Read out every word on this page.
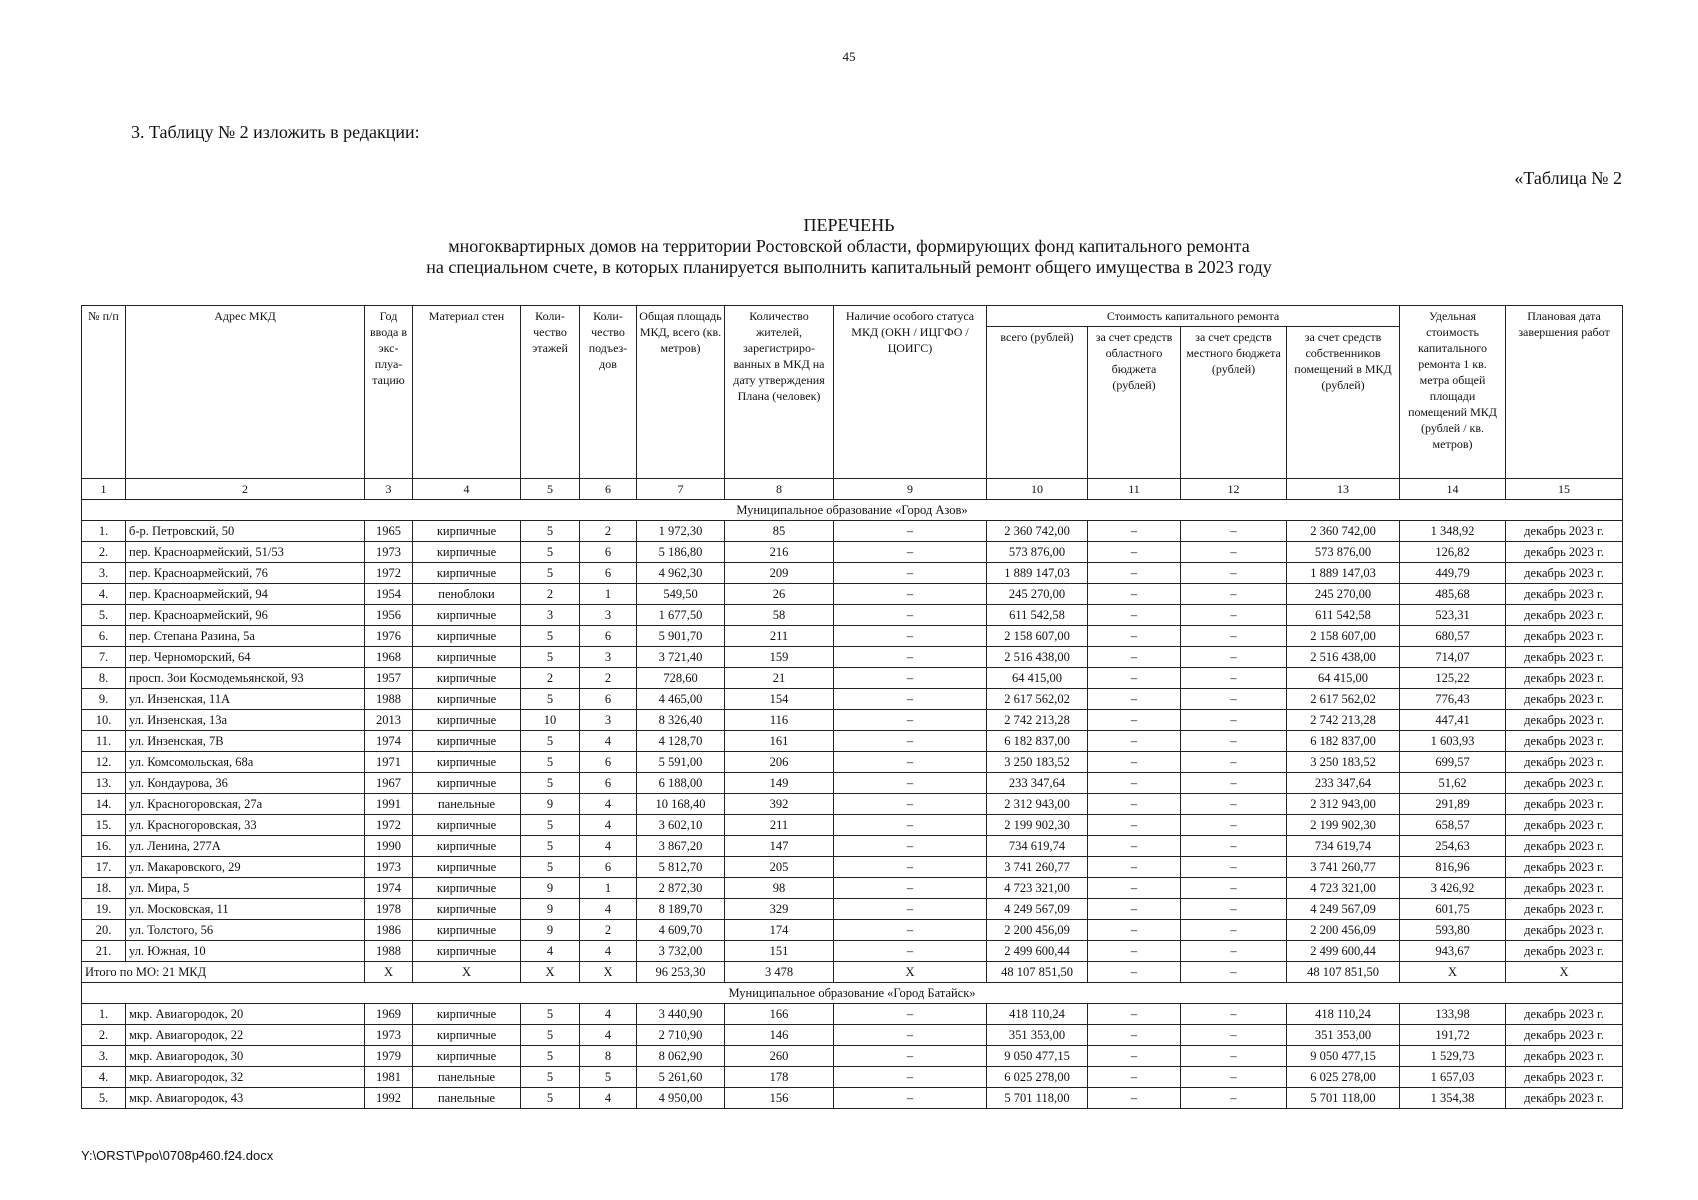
45
3. Таблицу № 2 изложить в редакции:
«Таблица № 2
ПЕРЕЧЕНЬ
многоквартирных домов на территории Ростовской области, формирующих фонд капитального ремонта
на специальном счете, в которых планируется выполнить капитальный ремонт общего имущества в 2023 году
№ п/п	Адрес МКД	Год ввода в эксплуатацию	Материал стен	Количество этажей	Количество подъездов	Общая площадь МКД, всего (кв. метров)	Количество жителей, зарегистрированных в МКД на дату утверждения Плана (человек)	Наличие особого статуса МКД (ОКН / ИЦГФО / ЦОИГС)	Стоимость капитального ремонта				Удельная стоимость капитального ремонта 1 кв. метра общей площади помещений МКД (рублей / кв. метров)	Плановая дата завершения работ
									всего (рублей)	за счет средств областного бюджета (рублей)	за счет средств местного бюджета (рублей)	за счет средств собственников помещений в МКД (рублей)		
1	2	3	4	5	6	7	8	9	10	11	12	13	14	15
Муниципальное образование «Город Азов»														
1.	б-р. Петровский, 50	1965	кирпичные	5	2	1 972,30	85	–	2 360 742,00	–	–	2 360 742,00	1 348,92	декабрь 2023 г.
2.	пер. Красноармейский, 51/53	1973	кирпичные	5	6	5 186,80	216	–	573 876,00	–	–	573 876,00	126,82	декабрь 2023 г.
3.	пер. Красноармейский, 76	1972	кирпичные	5	6	4 962,30	209	–	1 889 147,03	–	–	1 889 147,03	449,79	декабрь 2023 г.
4.	пер. Красноармейский, 94	1954	пеноблоки	2	1	549,50	26	–	245 270,00	–	–	245 270,00	485,68	декабрь 2023 г.
5.	пер. Красноармейский, 96	1956	кирпичные	3	3	1 677,50	58	–	611 542,58	–	–	611 542,58	523,31	декабрь 2023 г.
6.	пер. Степана Разина, 5а	1976	кирпичные	5	6	5 901,70	211	–	2 158 607,00	–	–	2 158 607,00	680,57	декабрь 2023 г.
7.	пер. Черноморский, 64	1968	кирпичные	5	3	3 721,40	159	–	2 516 438,00	–	–	2 516 438,00	714,07	декабрь 2023 г.
8.	просп. Зои Космодемьянской, 93	1957	кирпичные	2	2	728,60	21	–	64 415,00	–	–	64 415,00	125,22	декабрь 2023 г.
9.	ул. Инзенская, 11А	1988	кирпичные	5	6	4 465,00	154	–	2 617 562,02	–	–	2 617 562,02	776,43	декабрь 2023 г.
10.	ул. Инзенская, 13а	2013	кирпичные	10	3	8 326,40	116	–	2 742 213,28	–	–	2 742 213,28	447,41	декабрь 2023 г.
11.	ул. Инзенская, 7В	1974	кирпичные	5	4	4 128,70	161	–	6 182 837,00	–	–	6 182 837,00	1 603,93	декабрь 2023 г.
12.	ул. Комсомольская, 68а	1971	кирпичные	5	6	5 591,00	206	–	3 250 183,52	–	–	3 250 183,52	699,57	декабрь 2023 г.
13.	ул. Кондаурова, 36	1967	кирпичные	5	6	6 188,00	149	–	233 347,64	–	–	233 347,64	51,62	декабрь 2023 г.
14.	ул. Красногоровская, 27а	1991	панельные	9	4	10 168,40	392	–	2 312 943,00	–	–	2 312 943,00	291,89	декабрь 2023 г.
15.	ул. Красногоровская, 33	1972	кирпичные	5	4	3 602,10	211	–	2 199 902,30	–	–	2 199 902,30	658,57	декабрь 2023 г.
16.	ул. Ленина, 277А	1990	кирпичные	5	4	3 867,20	147	–	734 619,74	–	–	734 619,74	254,63	декабрь 2023 г.
17.	ул. Макаровского, 29	1973	кирпичные	5	6	5 812,70	205	–	3 741 260,77	–	–	3 741 260,77	816,96	декабрь 2023 г.
18.	ул. Мира, 5	1974	кирпичные	9	1	2 872,30	98	–	4 723 321,00	–	–	4 723 321,00	3 426,92	декабрь 2023 г.
19.	ул. Московская, 11	1978	кирпичные	9	4	8 189,70	329	–	4 249 567,09	–	–	4 249 567,09	601,75	декабрь 2023 г.
20.	ул. Толстого, 56	1986	кирпичные	9	2	4 609,70	174	–	2 200 456,09	–	–	2 200 456,09	593,80	декабрь 2023 г.
21.	ул. Южная, 10	1988	кирпичные	4	4	3 732,00	151	–	2 499 600,44	–	–	2 499 600,44	943,67	декабрь 2023 г.
Итого по МО: 21 МКД		X	X	X	X	96 253,30	3 478	X	48 107 851,50	–	–	48 107 851,50	X	X
Муниципальное образование «Город Батайск»														
1.	мкр. Авиагородок, 20	1969	кирпичные	5	4	3 440,90	166	–	418 110,24	–	–	418 110,24	133,98	декабрь 2023 г.
2.	мкр. Авиагородок, 22	1973	кирпичные	5	4	2 710,90	146	–	351 353,00	–	–	351 353,00	191,72	декабрь 2023 г.
3.	мкр. Авиагородок, 30	1979	кирпичные	5	8	8 062,90	260	–	9 050 477,15	–	–	9 050 477,15	1 529,73	декабрь 2023 г.
4.	мкр. Авиагородок, 32	1981	панельные	5	5	5 261,60	178	–	6 025 278,00	–	–	6 025 278,00	1 657,03	декабрь 2023 г.
5.	мкр. Авиагородок, 43	1992	панельные	5	4	4 950,00	156	–	5 701 118,00	–	–	5 701 118,00	1 354,38	декабрь 2023 г.
Y:\ORST\Ppo\0708p460.f24.docx
